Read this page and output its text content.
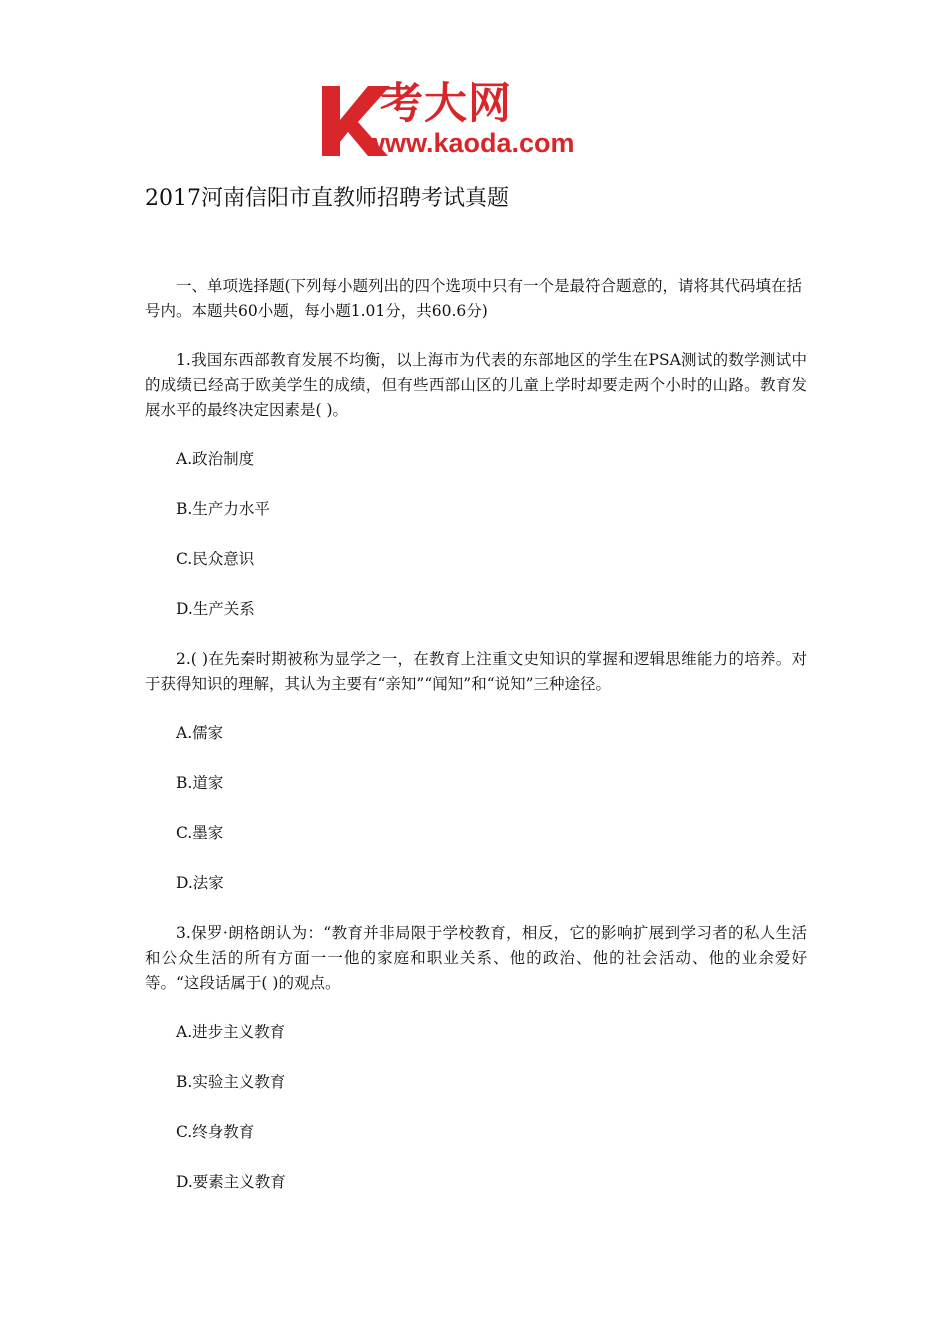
考大网
www.kaoda.com
2017河南信阳市直教师招聘考试真题

一、单项选择题(下列每小题列出的四个选项中只有一个是最符合题意的，请将其代码填在括号内。本题共60小题，每小题1.01分，共60.6分)

1.我国东西部教育发展不均衡，以上海市为代表的东部地区的学生在PSA测试的数学测试中的成绩已经高于欧美学生的成绩，但有些西部山区的儿童上学时却要走两个小时的山路。教育发展水平的最终决定因素是( )。

A.政治制度

B.生产力水平

C.民众意识

D.生产关系

2.( )在先秦时期被称为显学之一，在教育上注重文史知识的掌握和逻辑思维能力的培养。对于获得知识的理解，其认为主要有“亲知”“闻知”和“说知”三种途径。

A.儒家

B.道家

C.墨家

D.法家

3.保罗·朗格朗认为：“教育并非局限于学校教育，相反，它的影响扩展到学习者的私人生活和公众生活的所有方面一一他的家庭和职业关系、他的政治、他的社会活动、他的业余爱好等。“这段话属于( )的观点。

A.进步主义教育

B.实验主义教育

C.终身教育

D.要素主义教育
